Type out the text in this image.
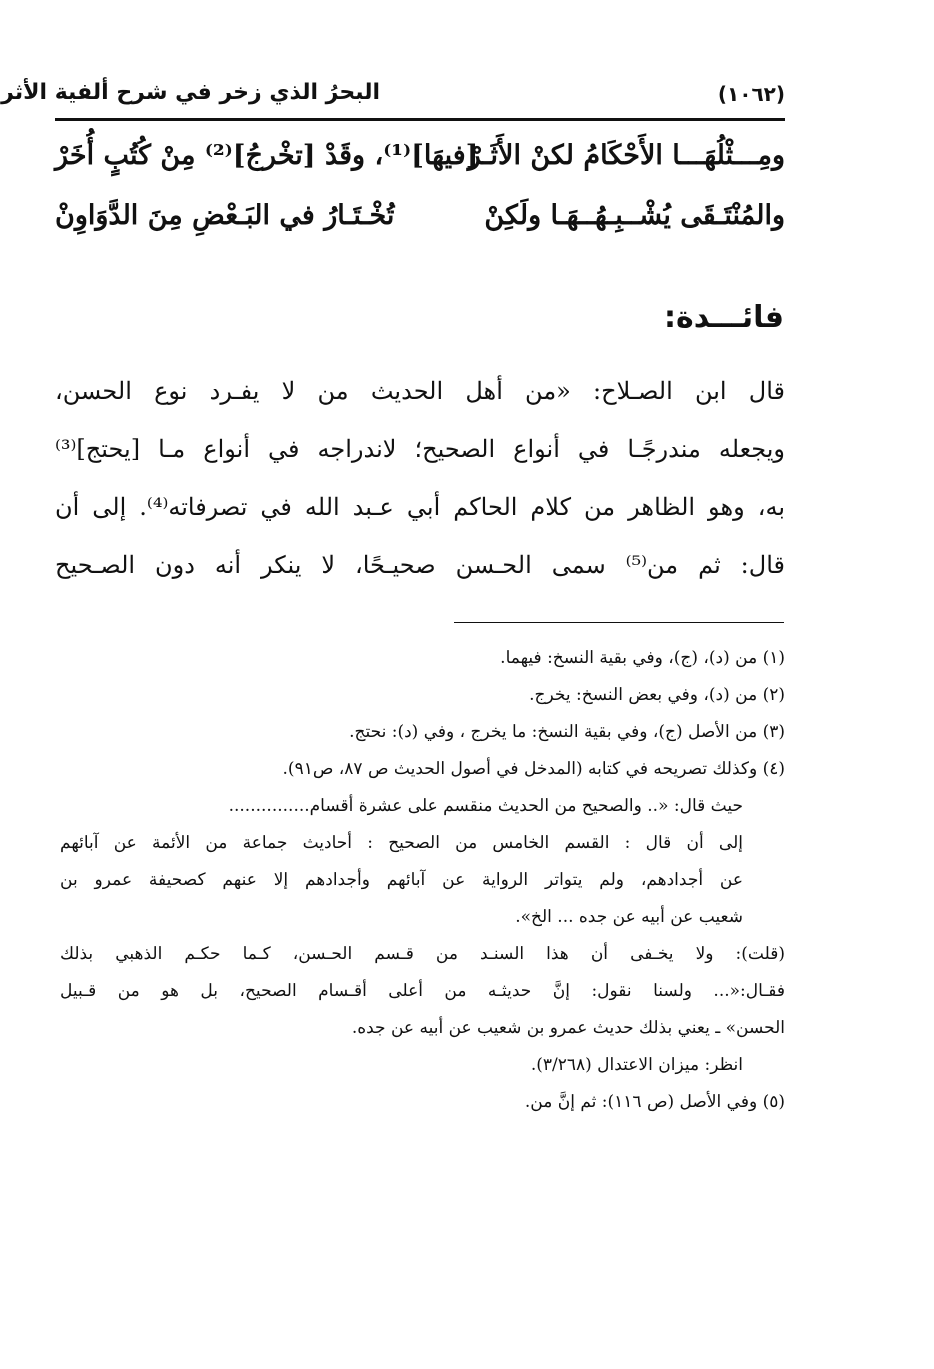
(١٠٦٢)
البحرُ الذي زخر في شرح ألفية الأثر
ومِـــثْلُهَـــا الأَحْكَامُ لكنْ الأَثَـرْ
[فيهَا]⁽¹⁾، وقَدْ [تخْرجُ]⁽²⁾ مِنْ كُتُبٍ أُخَرْ
والمُنْتَـقَى يُشْــبِـهُــهَـا ولَكِنْ
تُخْـتَـارُ في البَـعْضِ مِنَ الدَّوَاوِنْ
فائـــدة:
قال ابن الصـلاح: «من أهل الحديث من لا يفـرد نوع الحسن،
ويجعله مندرجًـا في أنواع الصحيح؛ لاندراجه في أنواع مـا [يحتج]⁽³⁾
به، وهو الظاهر من كلام الحاكم أبي عـبد الله في تصرفاته⁽⁴⁾. إلى أن
قال: ثم من⁽⁵⁾ سمى الحـسن صحيـحًا، لا ينكر أنه دون الصـحيح
(١) من (د)، (ج)، وفي بقية النسخ: فيهما.
(٢) من (د)، وفي بعض النسخ: يخرج.
(٣) من الأصل (ج)، وفي بقية النسخ: ما يخرج ، وفي (د): نحتج.
(٤) وكذلك تصريحه في كتابه (المدخل في أصول الحديث ص ٨٧، ص٩١).
حيث قال: «.. والصحيح من الحديث منقسم على عشرة أقسام...............
إلى أن قال : القسم الخامس من الصحيح : أحاديث جماعة من الأئمة عن آبائهم
عن أجدادهم، ولم يتواتر الرواية عن آبائهم وأجدادهم إلا عنهم كصحيفة عمرو بن
شعيب عن أبيه عن جده ... الخ».
(قلت): ولا يخـفى أن هذا السنـد من قـسم الحـسن، كـما حكـم الذهبي بذلك
فقـال:«... ولسنا نقول: إنَّ حديثـه من أعلى أقـسام الصحيح، بل هو من قـبيل
الحسن» ـ يعني بذلك حديث عمرو بن شعيب عن أبيه عن جده.
انظر: ميزان الاعتدال (٣/٢٦٨).
(٥) وفي الأصل (ص ١١٦): ثم إنَّ من.
